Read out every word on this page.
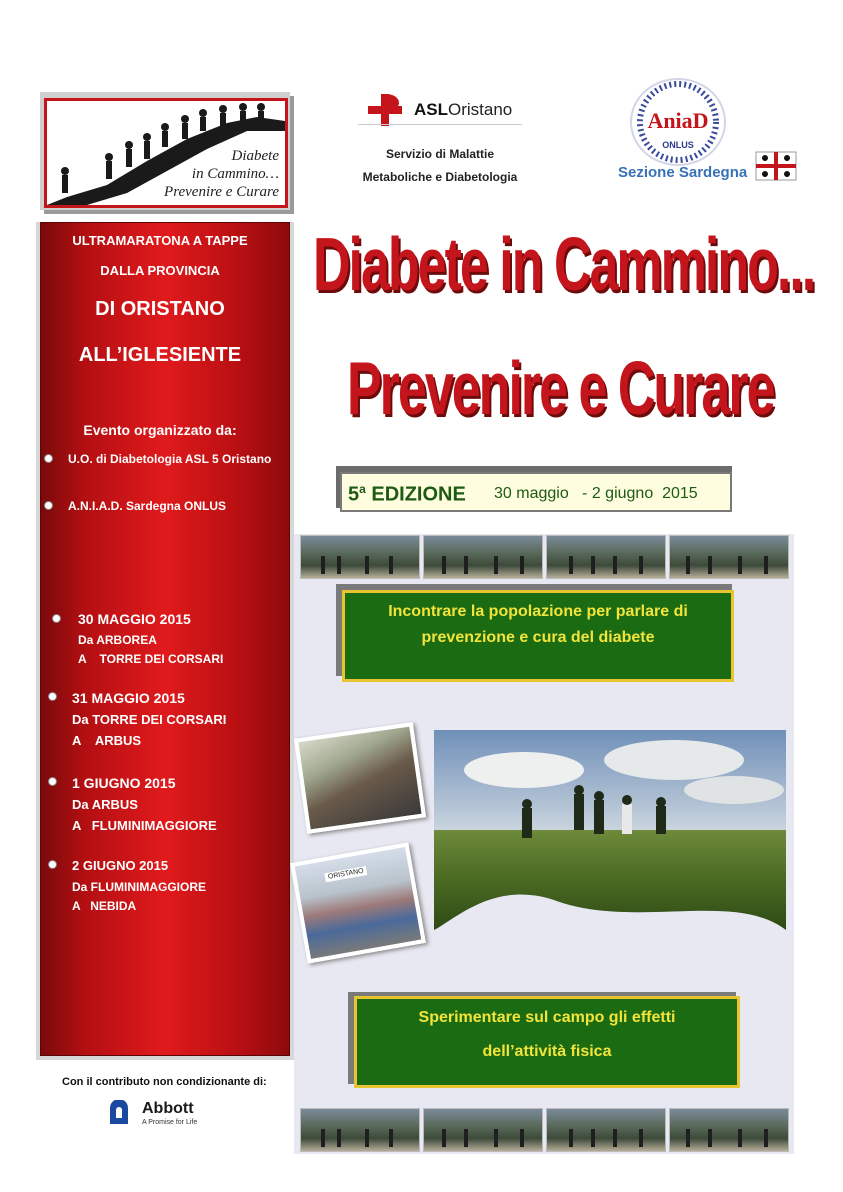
Diabete
in Cammino…
Prevenire e Curare
ASLOristano
Servizio di Malattie
Metaboliche e Diabetologia
AniaD
ONLUS
Sezione Sardegna
ULTRAMARATONA A TAPPE
DALLA PROVINCIA
DI ORISTANO
ALL’IGLESIENTE
Evento organizzato da:
U.O. di Diabetologia ASL 5 Oristano
A.N.I.A.D. Sardegna ONLUS
30 MAGGIO 2015
Da ARBOREA
A    TORRE DEI CORSARI
31 MAGGIO 2015
Da TORRE DEI CORSARI
A    ARBUS
1 GIUGNO 2015
Da ARBUS
A   FLUMINIMAGGIORE
2 GIUGNO 2015
Da FLUMINIMAGGIORE
A   NEBIDA
Diabete in Cammino...
Prevenire e Curare
5$^a$ EDIZIONE 30 maggio   - 2 giugno  2015
Incontrare la popolazione per parlare di
prevenzione e cura del diabete
ORISTANO
Sperimentare sul campo gli effetti
dell’attività fisica
Con il contributo non condizionante di:
Abbott
A Promise for Life
